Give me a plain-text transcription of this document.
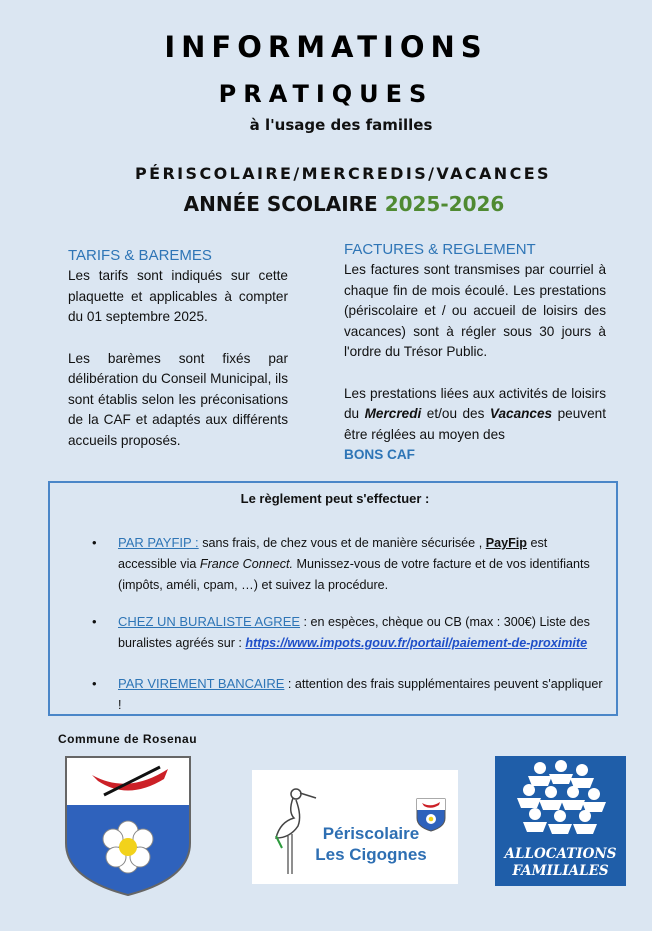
INFORMATIONS
PRATIQUES
à l'usage des familles
PÉRISCOLAIRE/MERCREDIS/VACANCES
ANNÉE SCOLAIRE 2025-2026
TARIFS & BAREMES

Les tarifs sont indiqués sur cette plaquette et applicables à compter du 01 septembre 2025.

Les barèmes sont fixés par délibération du Conseil Municipal, ils sont établis selon les préconisations de la CAF et adaptés aux différents accueils proposés.

FACTURES & REGLEMENT

Les factures sont transmises par courriel à chaque fin de mois écoulé. Les prestations (périscolaire et / ou accueil de loisirs des vacances) sont à régler sous 30 jours à l'ordre du Trésor Public.

Les prestations liées aux activités de loisirs du Mercredi et/ou des Vacances peuvent être réglées au moyen des
BONS CAF

Le règlement peut s'effectuer :
• PAR PAYFIP : sans frais, de chez vous et de manière sécurisée , PayFip est accessible via France Connect. Munissez-vous de votre facture et de vos identifiants (impôts, améli, cpam, …) et suivez la procédure.
• CHEZ UN BURALISTE AGREE : en espèces, chèque ou CB (max : 300€) Liste des buralistes agréés sur : https://www.impots.gouv.fr/portail/paiement-de-proximite
• PAR VIREMENT BANCAIRE : attention des frais supplémentaires peuvent s'appliquer !
Commune de Rosenau
Périscolaire
Les Cigognes	ALLOCATIONS
FAMILIALES
